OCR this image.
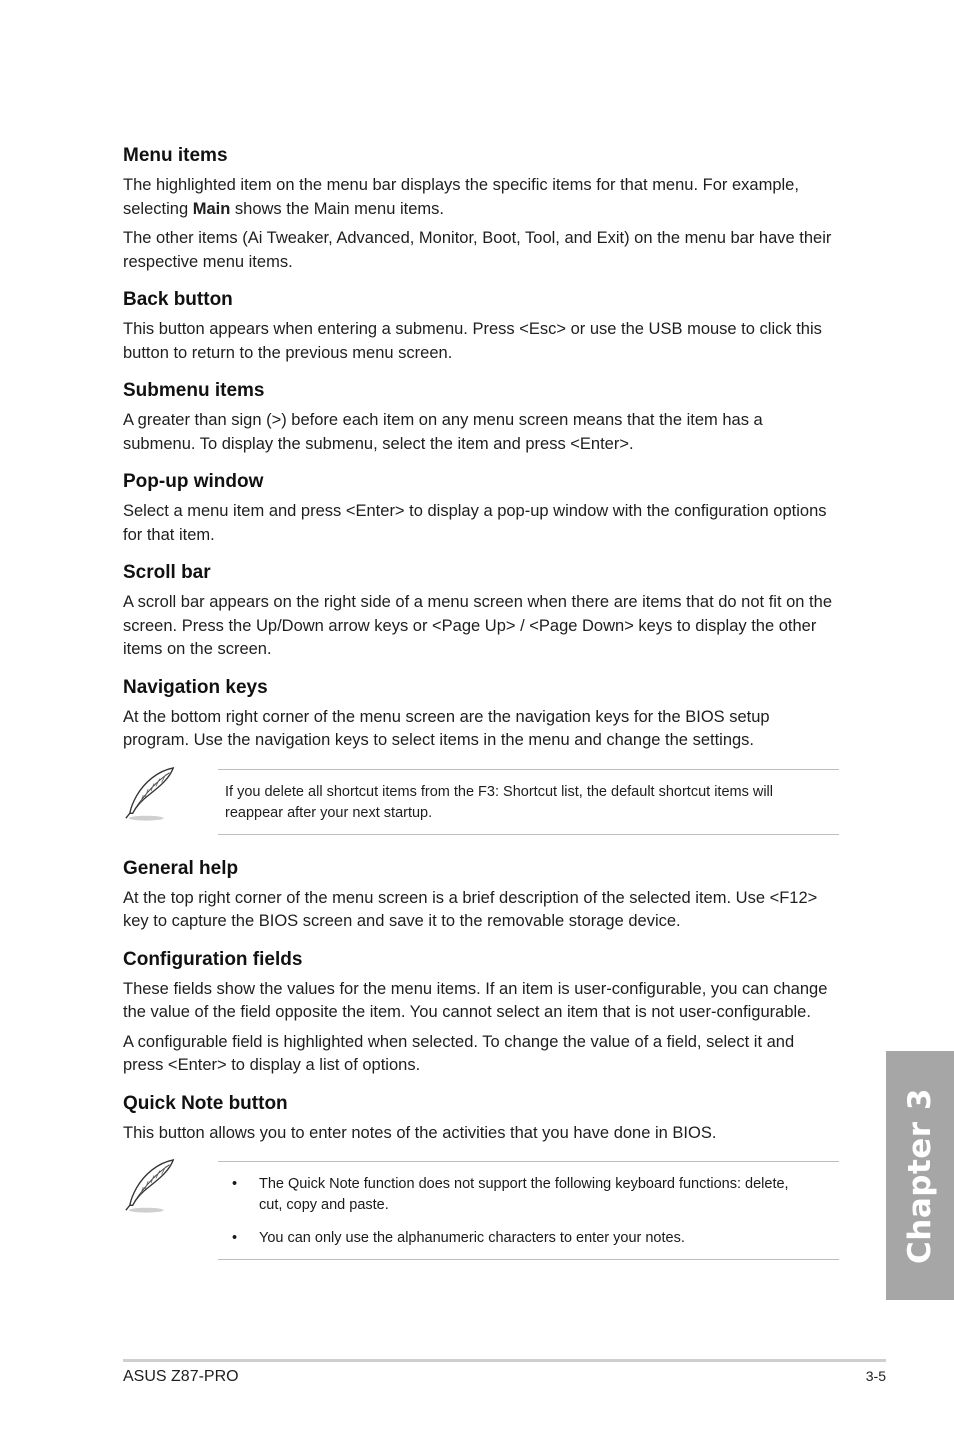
Menu items

The highlighted item on the menu bar displays the specific items for that menu. For example, selecting Main shows the Main menu items.

The other items (Ai Tweaker, Advanced, Monitor, Boot, Tool, and Exit) on the menu bar have their respective menu items.

Back button

This button appears when entering a submenu. Press <Esc> or use the USB mouse to click this button to return to the previous menu screen.

Submenu items

A greater than sign (>) before each item on any menu screen means that the item has a submenu. To display the submenu, select the item and press <Enter>.

Pop-up window

Select a menu item and press <Enter> to display a pop-up window with the configuration options for that item.

Scroll bar

A scroll bar appears on the right side of a menu screen when there are items that do not fit on the screen. Press the Up/Down arrow keys or <Page Up> / <Page Down> keys to display the other items on the screen.

Navigation keys

At the bottom right corner of the menu screen are the navigation keys for the BIOS setup program. Use the navigation keys to select items in the menu and change the settings.

If you delete all shortcut items from the F3: Shortcut list, the default shortcut items will reappear after your next startup.

General help

At the top right corner of the menu screen is a brief description of the selected item. Use <F12> key to capture the BIOS screen and save it to the removable storage device.

Configuration fields

These fields show the values for the menu items. If an item is user-configurable, you can change the value of the field opposite the item. You cannot select an item that is not user-configurable.

A configurable field is highlighted when selected. To change the value of a field, select it and press <Enter> to display a list of options.

Quick Note button

This button allows you to enter notes of the activities that you have done in BIOS.

• The Quick Note function does not support the following keyboard functions: delete, cut, copy and paste.
• You can only use the alphanumeric characters to enter your notes.	Chapter 3
ASUS Z87-PRO	3-5
